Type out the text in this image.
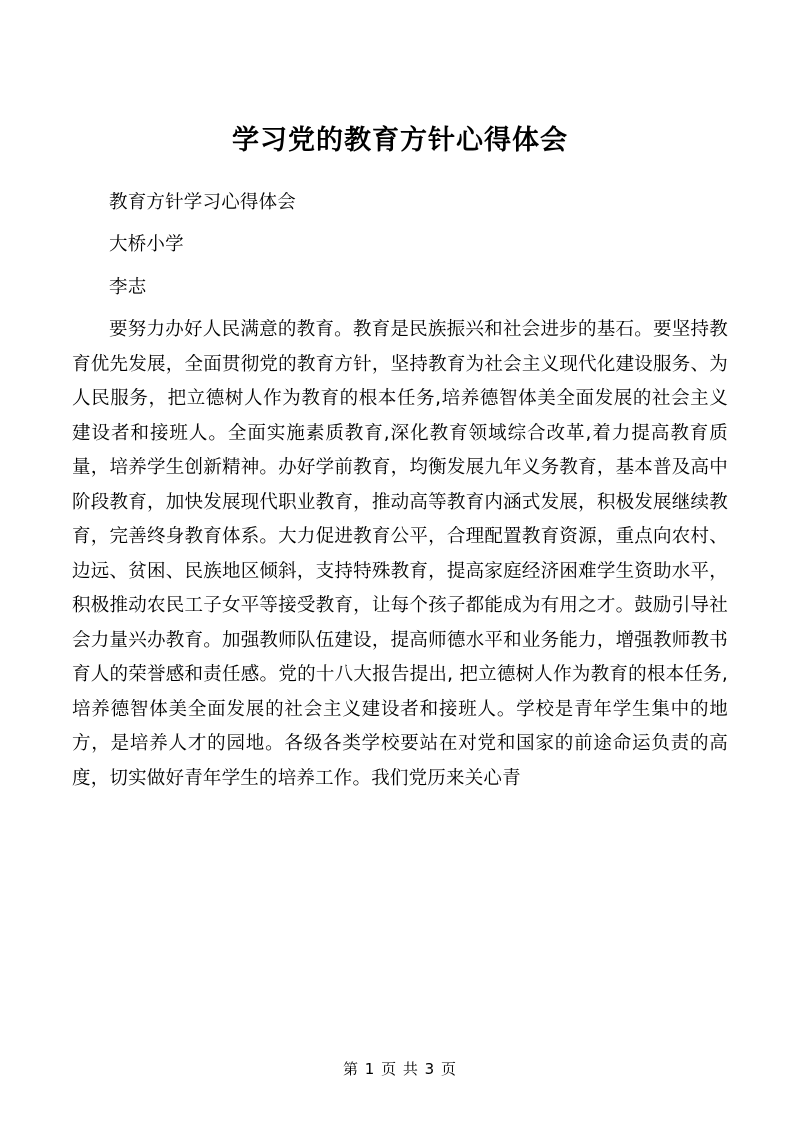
学习党的教育方针心得体会

教育方针学习心得体会

大桥小学

李志

要努力办好人民满意的教育。教育是民族振兴和社会进步的基石。要坚持教育优先发展，全面贯彻党的教育方针，坚持教育为社会主义现代化建设服务、为人民服务，把立德树人作为教育的根本任务,培养德智体美全面发展的社会主义建设者和接班人。全面实施素质教育,深化教育领域综合改革,着力提高教育质量，培养学生创新精神。办好学前教育，均衡发展九年义务教育，基本普及高中阶段教育，加快发展现代职业教育，推动高等教育内涵式发展，积极发展继续教育，完善终身教育体系。大力促进教育公平，合理配置教育资源，重点向农村、边远、贫困、民族地区倾斜，支持特殊教育，提高家庭经济困难学生资助水平，积极推动农民工子女平等接受教育，让每个孩子都能成为有用之才。鼓励引导社会力量兴办教育。加强教师队伍建设，提高师德水平和业务能力，增强教师教书育人的荣誉感和责任感。党的十八大报告提出, 把立德树人作为教育的根本任务, 培养德智体美全面发展的社会主义建设者和接班人。学校是青年学生集中的地方，是培养人才的园地。各级各类学校要站在对党和国家的前途命运负责的高度，切实做好青年学生的培养工作。我们党历来关心青

第 1 页 共 3 页
